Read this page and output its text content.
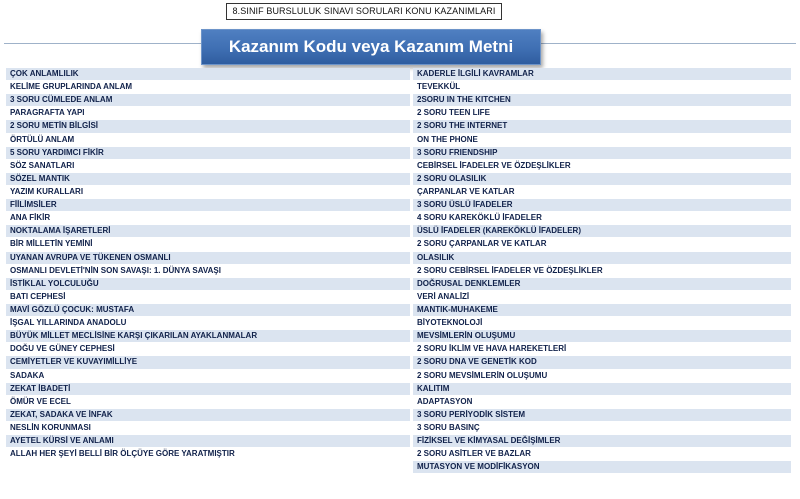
8.SINIF BURSLULUK SINAVI SORULARI KONU KAZANIMLARI
Kazanım Kodu veya Kazanım Metni
ÇOK ANLAMLILIK
KELİME GRUPLARINDA ANLAM
3 SORU CÜMLEDE ANLAM
PARAGRAFTA YAPI
2 SORU METİN BİLGİSİ
ÖRTÜLÜ ANLAM
5 SORU YARDIMCI FİKİR
SÖZ SANATLARI
SÖZEL MANTIK
YAZIM KURALLARI
FİİLİMSİLER
ANA FİKİR
NOKTALAMA İŞARETLERİ
BİR MİLLETİN YEMİNİ
UYANAN AVRUPA VE TÜKENEN OSMANLI
OSMANLI DEVLETİ'NİN SON SAVAŞI: 1. DÜNYA SAVAŞI
İSTİKLAL YOLCULUĞU
BATI CEPHESİ
MAVİ GÖZLÜ ÇOCUK: MUSTAFA
İŞGAL YILLARINDA ANADOLU
BÜYÜK MİLLET MECLİSİNE KARŞI ÇIKARILAN AYAKLANMALAR
DOĞU VE GÜNEY CEPHESİ
CEMİYETLER VE KUVAYIMİLLİYE
SADAKA
ZEKAT İBADETİ
ÖMÜR VE ECEL
ZEKAT, SADAKA VE İNFAK
NESLİN KORUNMASI
AYETEL KÜRSİ VE ANLAMI
ALLAH HER ŞEYİ BELLİ BİR ÖLÇÜYE GÖRE YARATMIŞTIR
KADERLE İLGİLİ KAVRAMLAR
TEVEKKÜL
2SORU IN THE KITCHEN
2 SORU TEEN LIFE
2 SORU THE INTERNET
ON THE PHONE
3 SORU FRIENDSHIP
CEBİRSEL İFADELER VE ÖZDEŞLİKLER
2 SORU OLASILIK
ÇARPANLAR VE KATLAR
3 SORU ÜSLÜ İFADELER
4 SORU KAREKÖKLÜ İFADELER
ÜSLÜ İFADELER (KAREKÖKLÜ İFADELER)
2 SORU ÇARPANLAR VE KATLAR
OLASILIK
2 SORU CEBİRSEL İFADELER VE ÖZDEŞLİKLER
DOĞRUSAL DENKLEMLER
VERİ ANALİZİ
MANTIK-MUHAKEME
BİYOTEKNOLOJİ
MEVSİMLERİN OLUŞUMU
2 SORU İKLİM VE HAVA HAREKETLERİ
2 SORU DNA VE GENETİK KOD
2 SORU MEVSİMLERİN OLUŞUMU
KALITIM
ADAPTASYON
3 SORU PERİYODİK SİSTEM
3 SORU BASINÇ
FİZİKSEL VE KİMYASAL DEĞİŞİMLER
2 SORU ASİTLER VE BAZLAR
MUTASYON VE MODİFİKASYON
